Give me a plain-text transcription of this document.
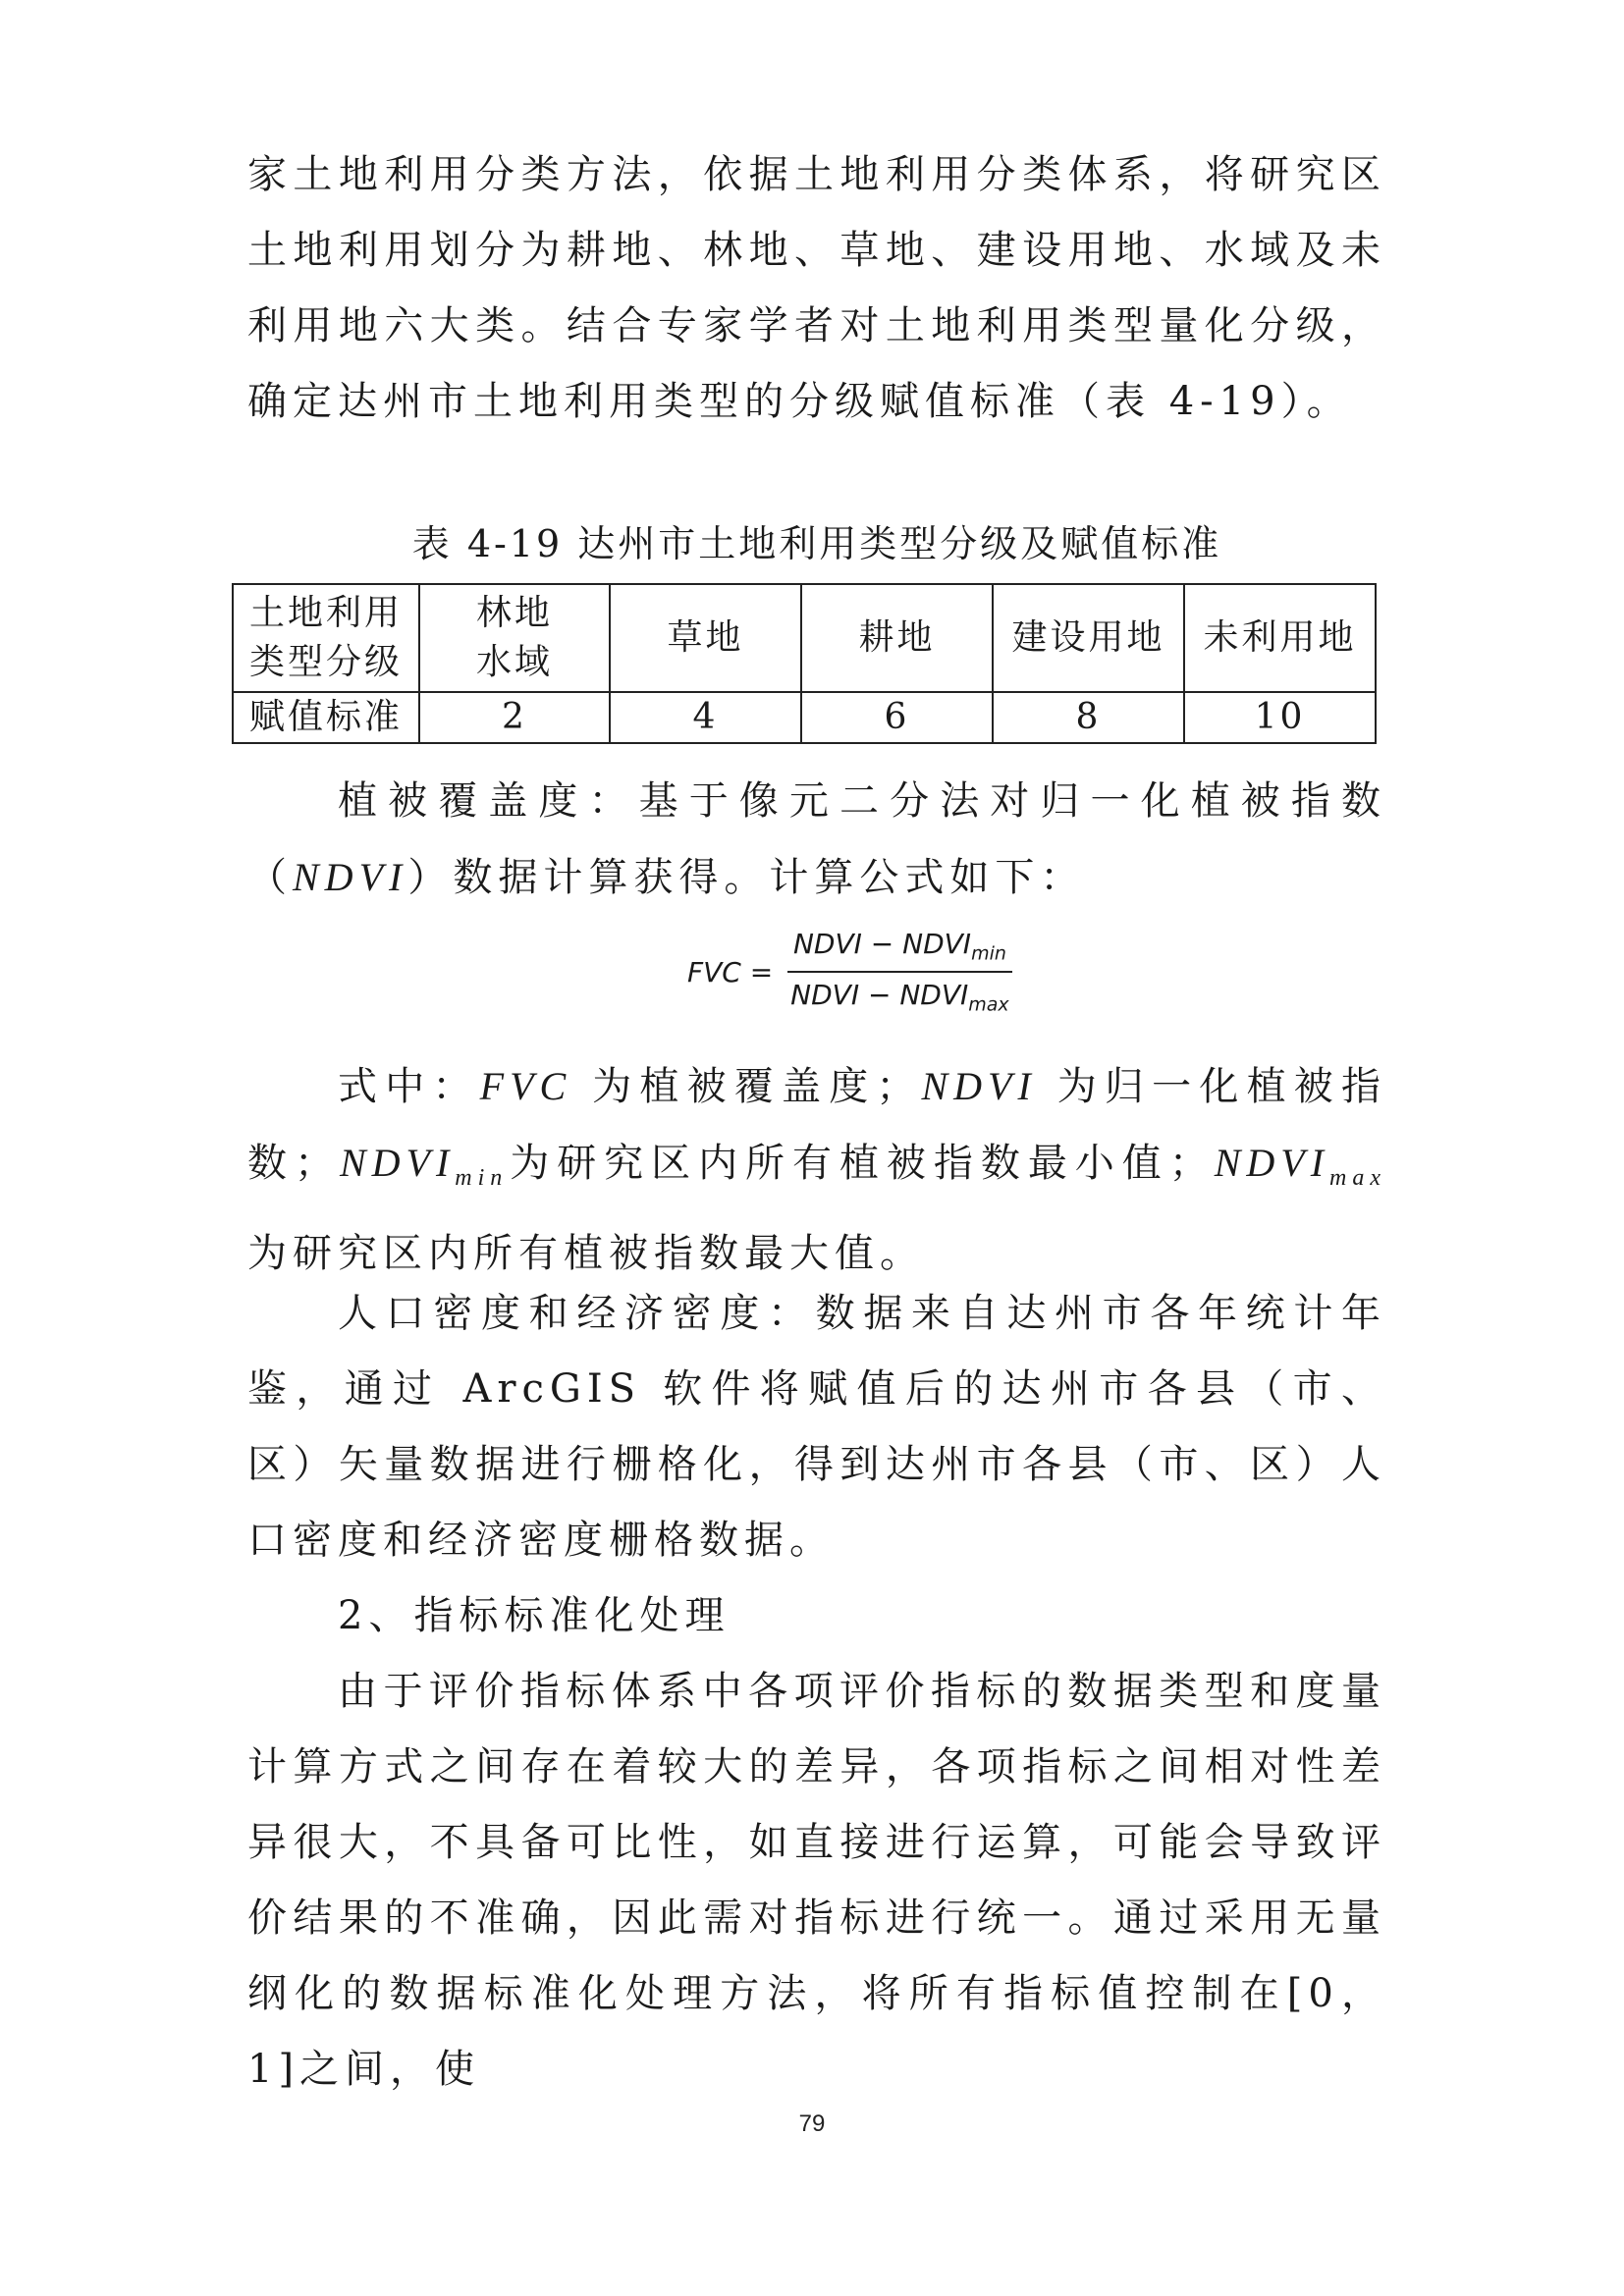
家土地利用分类方法，依据土地利用分类体系，将研究区土地利用划分为耕地、林地、草地、建设用地、水域及未利用地六大类。结合专家学者对土地利用类型量化分级，确定达州市土地利用类型的分级赋值标准（表 4-19）。

表 4-19 达州市土地利用类型分级及赋值标准
土地利用类型分级	林地水域	草地	耕地	建设用地	未利用地
赋值标准	2	4	6	8	10

植被覆盖度：基于像元二分法对归一化植被指数（NDVI）数据计算获得。计算公式如下：

FVC = $\frac{NDVI - NDVI_{min}}{NDVI - NDVI_{max}}$

式中：FVC 为植被覆盖度；NDVI 为归一化植被指数；$NDVI_{min}$为研究区内所有植被指数最小值；$NDVI_{max}$为研究区内所有植被指数最大值。

人口密度和经济密度：数据来自达州市各年统计年鉴，通过 ArcGIS 软件将赋值后的达州市各县（市、区）矢量数据进行栅格化，得到达州市各县（市、区）人口密度和经济密度栅格数据。

2、指标标准化处理

由于评价指标体系中各项评价指标的数据类型和度量计算方式之间存在着较大的差异，各项指标之间相对性差异很大，不具备可比性，如直接进行运算，可能会导致评价结果的不准确，因此需对指标进行统一。通过采用无量纲化的数据标准化处理方法，将所有指标值控制在[0，1]之间，使

79
